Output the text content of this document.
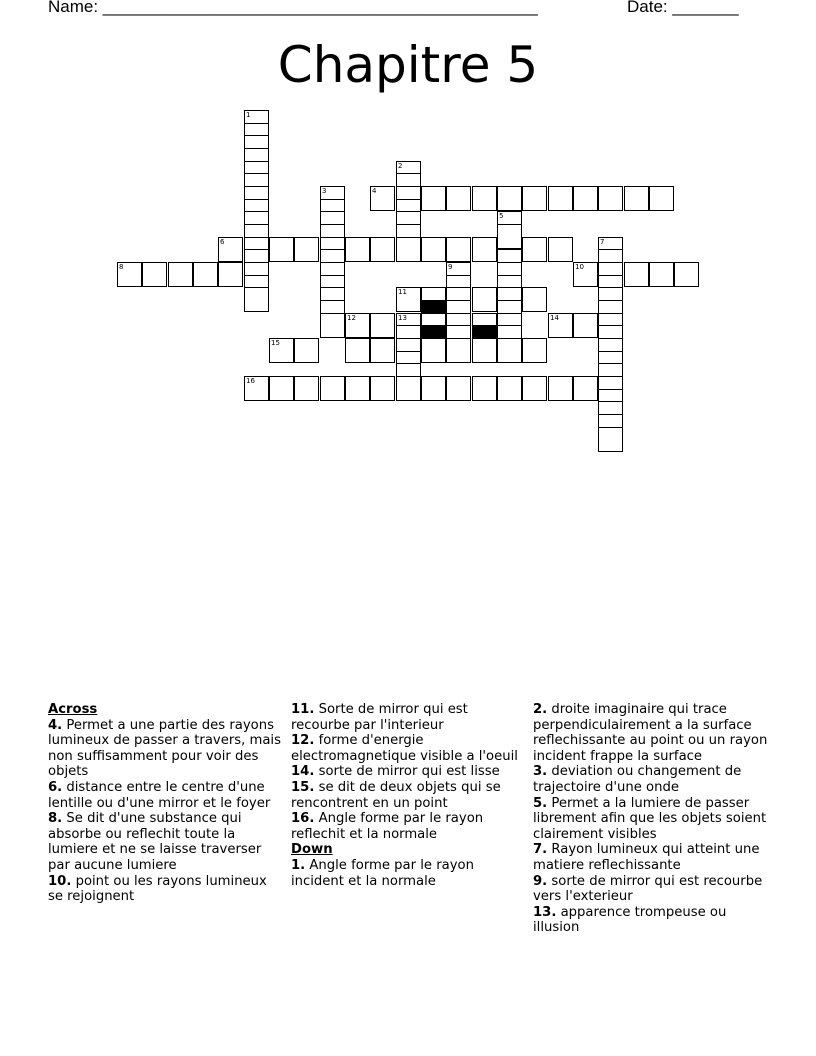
Name: ______________________________________________	Date: _______
Chapitre 5
1
2
3	4
5
6	7
8	9	10
11
12	13	14
15
16
Across

4. Permet a une partie des rayons lumineux de passer a travers, mais non suffisamment pour voir des objets

6. distance entre le centre d'une lentille ou d'une mirror et le foyer

8. Se dit d'une substance qui absorbe ou reflechit toute la lumiere et ne se laisse traverser par aucune lumiere

10. point ou les rayons lumineux se rejoignent

11. Sorte de mirror qui est recourbe par l'interieur

12. forme d'energie electromagnetique visible a l'oeuil

14. sorte de mirror qui est lisse

15. se dit de deux objets qui se rencontrent en un point

16. Angle forme par le rayon reflechit et la normale

Down

1. Angle forme par le rayon incident et la normale

2. droite imaginaire qui trace perpendiculairement a la surface reflechissante au point ou un rayon incident frappe la surface

3. deviation ou changement de trajectoire d'une onde

5. Permet a la lumiere de passer librement afin que les objets soient clairement visibles

7. Rayon lumineux qui atteint une matiere reflechissante

9. sorte de mirror qui est recourbe vers l'exterieur

13. apparence trompeuse ou illusion
